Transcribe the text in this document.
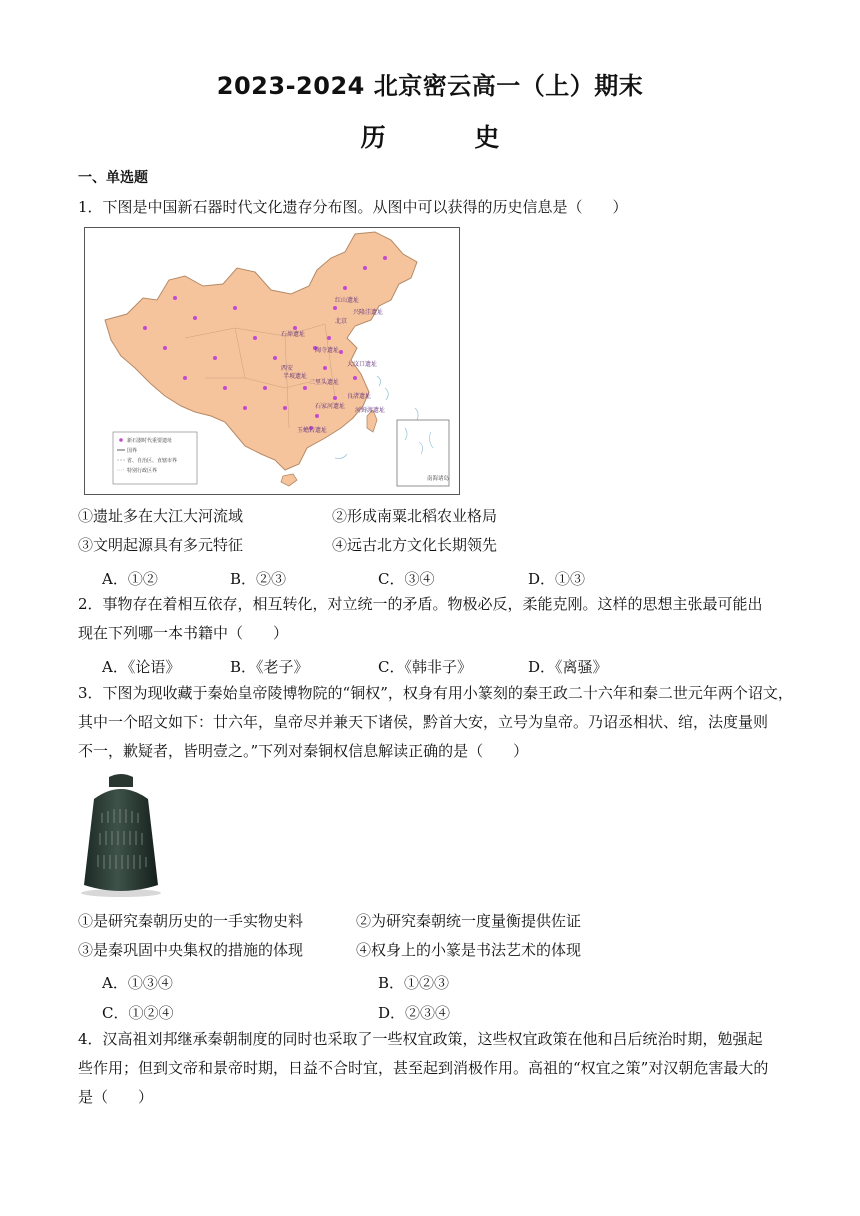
2023-2024 北京密云高一（上）期末
历 史
一、单选题
1．下图是中国新石器时代文化遗存分布图。从图中可以获得的历史信息是（　　）
红山遗址
北京
兴隆洼遗址
石峁遗址
陶寺遗址
大汶口遗址
西安
半坡遗址
二里头遗址
良渚遗址
河姆渡遗址
石家河遗址
玉蟾岩遗址
南海诸岛
新石器时代重要遗址
国界
省、自治区、直辖市界
特别行政区界
①遗址多在大江大河流域	②形成南粟北稻农业格局
③文明起源具有多元特征	④远古北方文化长期领先
A．①②	B．②③	C．③④	D．①③
2．事物存在着相互依存，相互转化，对立统一的矛盾。物极必反，柔能克刚。这样的思想主张最可能出
现在下列哪一本书籍中（　　）
A．《论语》	B．《老子》	C．《韩非子》	D．《离骚》
3．下图为现收藏于秦始皇帝陵博物院的“铜权”，权身有用小篆刻的秦王政二十六年和秦二世元年两个诏文，
其中一个昭文如下：廿六年，皇帝尽并兼天下诸侯，黔首大安，立号为皇帝。乃诏丞相状、绾，法度量则
不一，歉疑者，皆明壹之。”下列对秦铜权信息解读正确的是（　　）
①是研究秦朝历史的一手实物史料	②为研究秦朝统一度量衡提供佐证
③是秦巩固中央集权的措施的体现	④权身上的小篆是书法艺术的体现
A．①③④	B．①②③
C．①②④	D．②③④
4．汉高祖刘邦继承秦朝制度的同时也采取了一些权宜政策，这些权宜政策在他和吕后统治时期，勉强起
些作用；但到文帝和景帝时期，日益不合时宜，甚至起到消极作用。高祖的“权宜之策”对汉朝危害最大的
是（　　）
